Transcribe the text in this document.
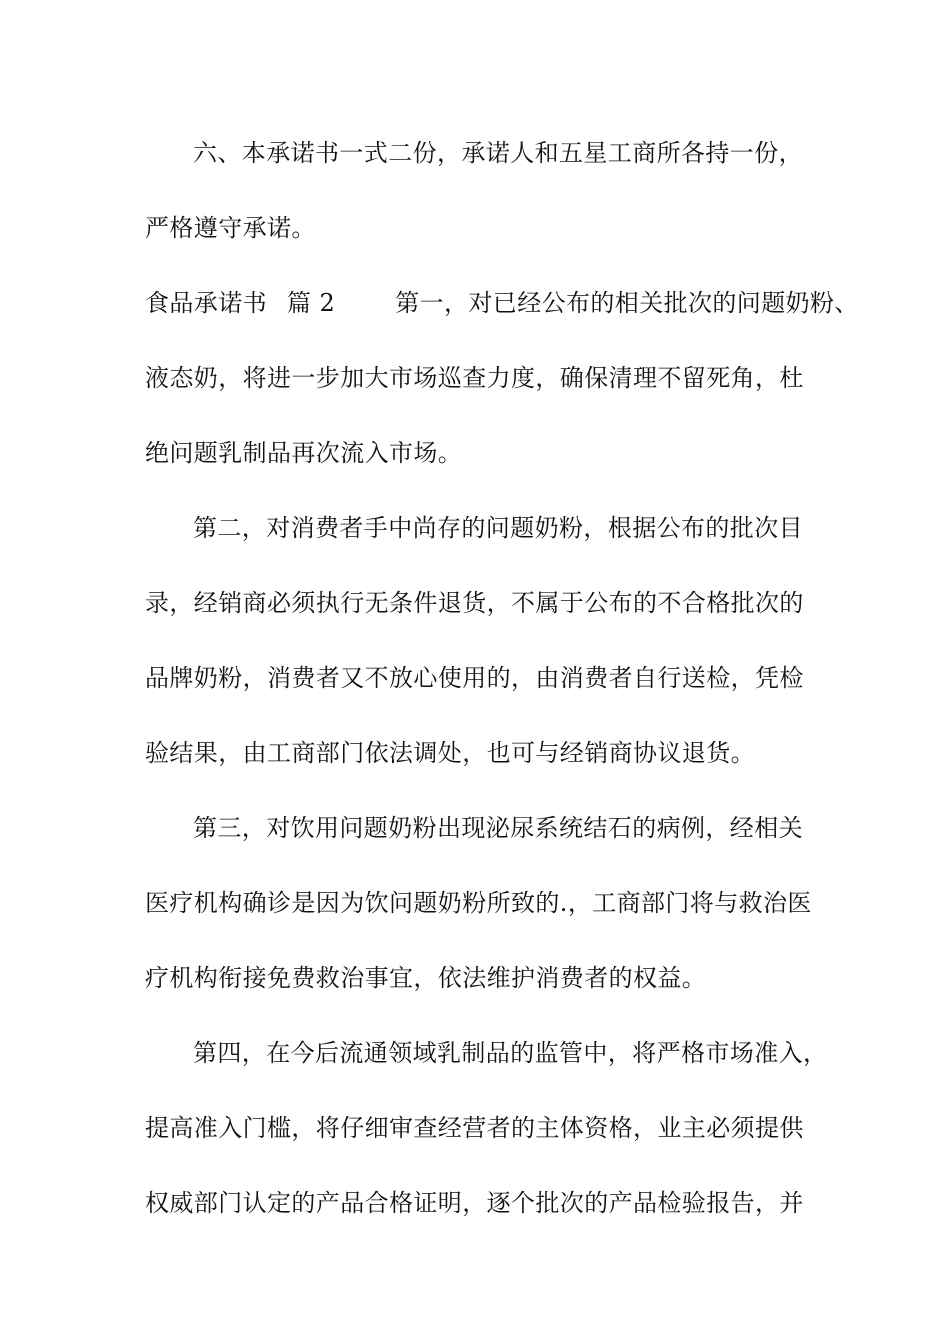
六、本承诺书一式二份，承诺人和五星工商所各持一份，
严格遵守承诺。
食品承诺书 篇 2	第一，对已经公布的相关批次的问题奶粉、
液态奶，将进一步加大市场巡查力度，确保清理不留死角，杜
绝问题乳制品再次流入市场。
第二，对消费者手中尚存的问题奶粉，根据公布的批次目
录，经销商必须执行无条件退货，不属于公布的不合格批次的
品牌奶粉，消费者又不放心使用的，由消费者自行送检，凭检
验结果，由工商部门依法调处，也可与经销商协议退货。
第三，对饮用问题奶粉出现泌尿系统结石的病例，经相关
医疗机构确诊是因为饮问题奶粉所致的.，工商部门将与救治医
疗机构衔接免费救治事宜，依法维护消费者的权益。
第四，在今后流通领域乳制品的监管中，将严格市场准入，
提高准入门槛，将仔细审查经营者的主体资格，业主必须提供
权威部门认定的产品合格证明，逐个批次的产品检验报告，并
